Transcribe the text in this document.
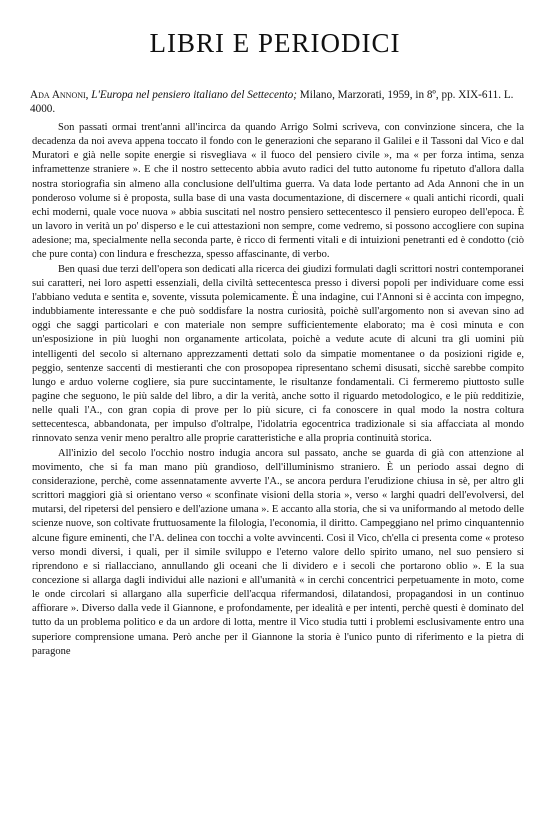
LIBRI E PERIODICI

Ada Annoni, L'Europa nel pensiero italiano del Settecento; Milano, Marzorati, 1959, in 8º, pp. XIX-611. L. 4000.

Son passati ormai trent'anni all'incirca da quando Arrigo Solmi scriveva, con convinzione sincera, che la decadenza da noi aveva appena toccato il fondo con le generazioni che separano il Galilei e il Tassoni dal Vico e dal Muratori e già nelle sopite energie si risvegliava « il fuoco del pensiero civile », ma « per forza intima, senza inframettenze straniere ». E che il nostro settecento abbia avuto radici del tutto autonome fu ripetuto d'allora dalla nostra storiografia sin almeno alla conclusione dell'ultima guerra. Va data lode pertanto ad Ada Annoni che in un ponderoso volume si è proposta, sulla base di una vasta documentazione, di discernere « quali antichi ricordi, quali echi moderni, quale voce nuova » abbia suscitati nel nostro pensiero settecentesco il pensiero europeo dell'epoca. È un lavoro in verità un po' disperso e le cui attestazioni non sempre, come vedremo, si possono accogliere con supina adesione; ma, specialmente nella seconda parte, è ricco di fermenti vitali e di intuizioni penetranti ed è condotto (ciò che pure conta) con lindura e freschezza, spesso affascinante, di verbo.

Ben quasi due terzi dell'opera son dedicati alla ricerca dei giudizi formulati dagli scrittori nostri contemporanei sui caratteri, nei loro aspetti essenziali, della civiltà settecentesca presso i diversi popoli per individuare come essi l'abbiano veduta e sentita e, sovente, vissuta polemicamente. È una indagine, cui l'Annoni si è accinta con impegno, indubbiamente interessante e che può soddisfare la nostra curiosità, poichè sull'argomento non si avevan sino ad oggi che saggi particolari e con materiale non sempre sufficientemente elaborato; ma è così minuta e con un'esposizione in più luoghi non organamente articolata, poichè a vedute acute di alcuni tra gli uomini più intelligenti del secolo si alternano apprezzamenti dettati solo da simpatie momentanee o da posizioni rigide e, peggio, sentenze saccenti di mestieranti che con prosopopea ripresentano schemi disusati, sicchè sarebbe compito lungo e arduo volerne cogliere, sia pure succintamente, le risultanze fondamentali. Ci fermeremo piuttosto sulle pagine che seguono, le più salde del libro, a dir la verità, anche sotto il riguardo metodologico, e le più redditizie, nelle quali l'A., con gran copia di prove per lo più sicure, ci fa conoscere in qual modo la nostra coltura settecentesca, abbandonata, per impulso d'oltralpe, l'idolatria egocentrica tradizionale si sia affacciata al mondo rinnovato senza venir meno peraltro alle proprie caratteristiche e alla propria continuità storica.

All'inizio del secolo l'occhio nostro indugia ancora sul passato, anche se guarda di già con attenzione al movimento, che si fa man mano più grandioso, dell'illuminismo straniero. È un periodo assai degno di considerazione, perchè, come assennatamente avverte l'A., se ancora perdura l'erudizione chiusa in sè, per altro gli scrittori maggiori già si orientano verso « sconfinate visioni della storia », verso « larghi quadri dell'evolversi, del mutarsi, del ripetersi del pensiero e dell'azione umana ». E accanto alla storia, che si va uniformando al metodo delle scienze nuove, son coltivate fruttuosamente la filologia, l'economia, il diritto. Campeggiano nel primo cinquantennio alcune figure eminenti, che l'A. delinea con tocchi a volte avvincenti. Così il Vico, ch'ella ci presenta come « proteso verso mondi diversi, i quali, per il simile sviluppo e l'eterno valore dello spirito umano, nel suo pensiero si riprendono e si riallacciano, annullando gli oceani che li dividero e i secoli che portarono oblio ». E la sua concezione si allarga dagli individui alle nazioni e all'umanità « in cerchi concentrici perpetuamente in moto, come le onde circolari si allargano alla superficie dell'acqua rifermandosi, dilatandosi, propagandosi in un continuo affiorare ». Diverso dalla vede il Giannone, e profondamente, per idealità e per intenti, perchè questi è dominato del tutto da un problema politico e da un ardore di lotta, mentre il Vico studia tutti i problemi esclusivamente entro una superiore comprensione umana. Però anche per il Giannone la storia è l'unico punto di riferimento e la pietra di paragone
